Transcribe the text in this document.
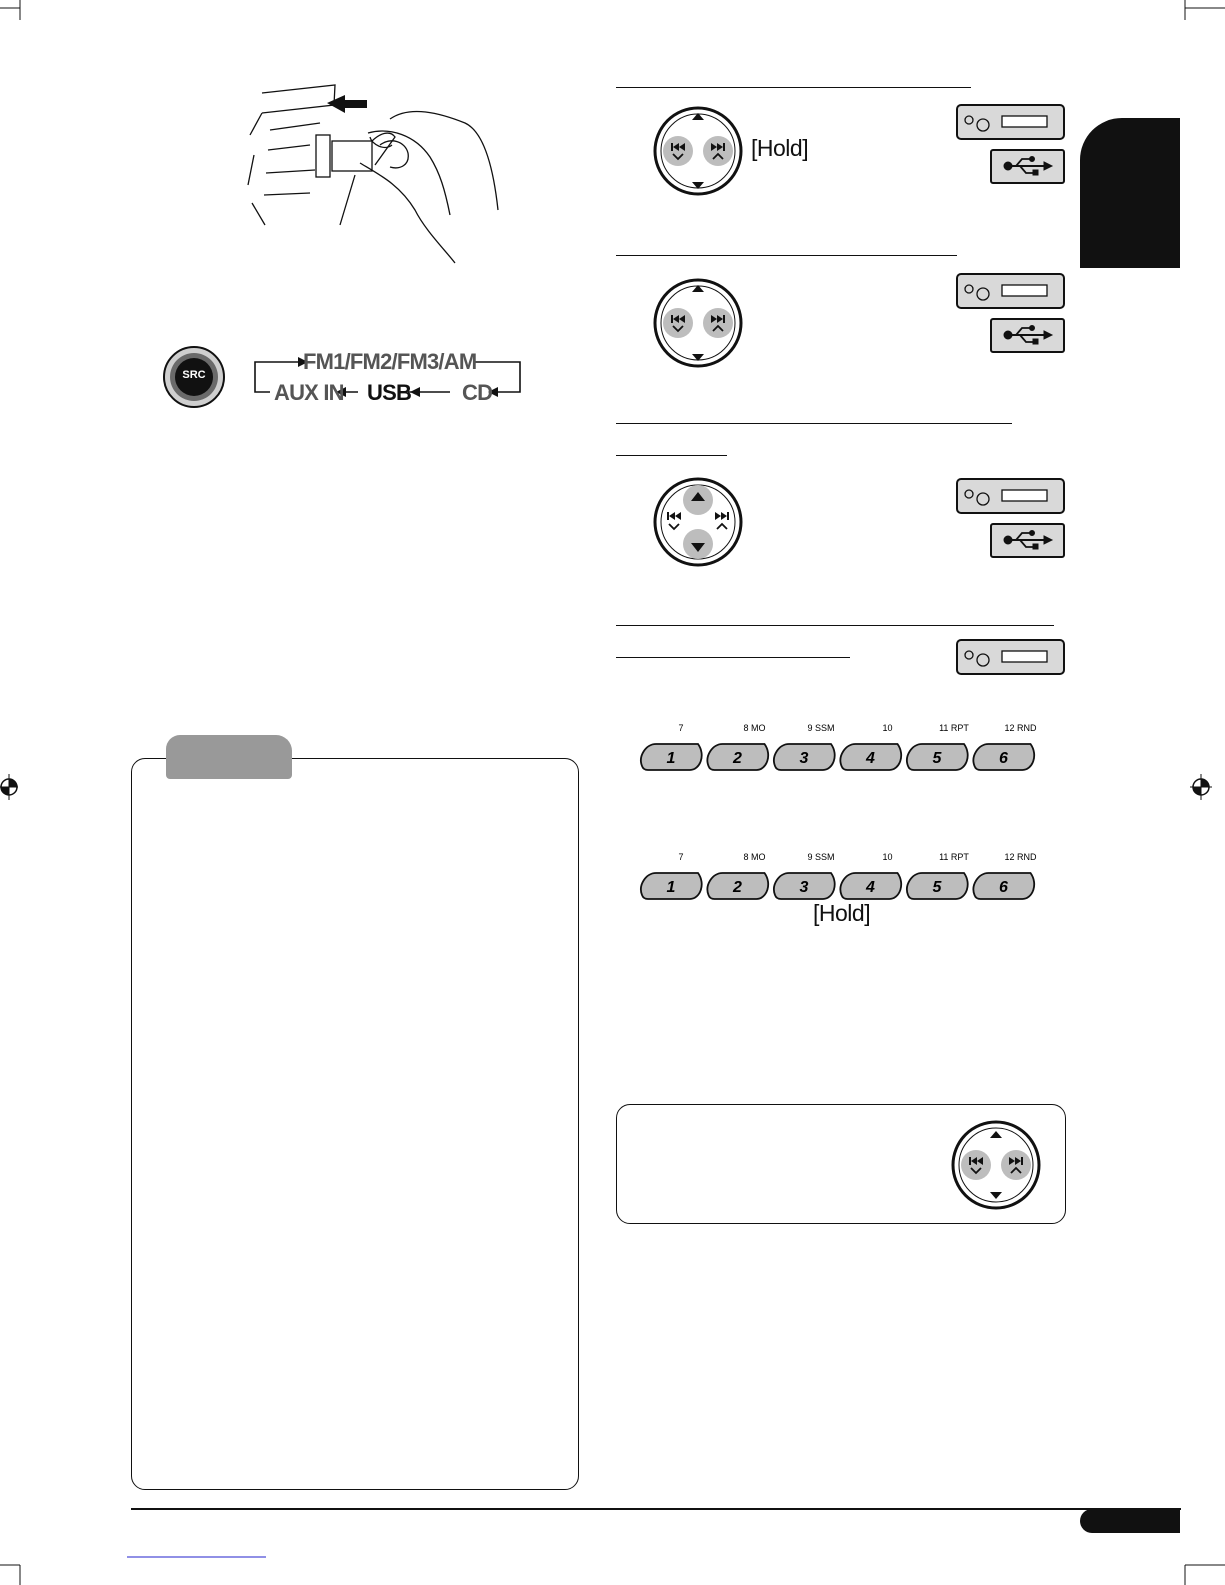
SRC
FM1/FM2/FM3/AM
AUX IN USB CD
[Hold]
1
7
2
8 MO
3
9 SSM
4
10
5
11 RPT
6
12 RND
1
7
2
8 MO
3
9 SSM
4
10
5
11 RPT
6
12 RND
[Hold]
